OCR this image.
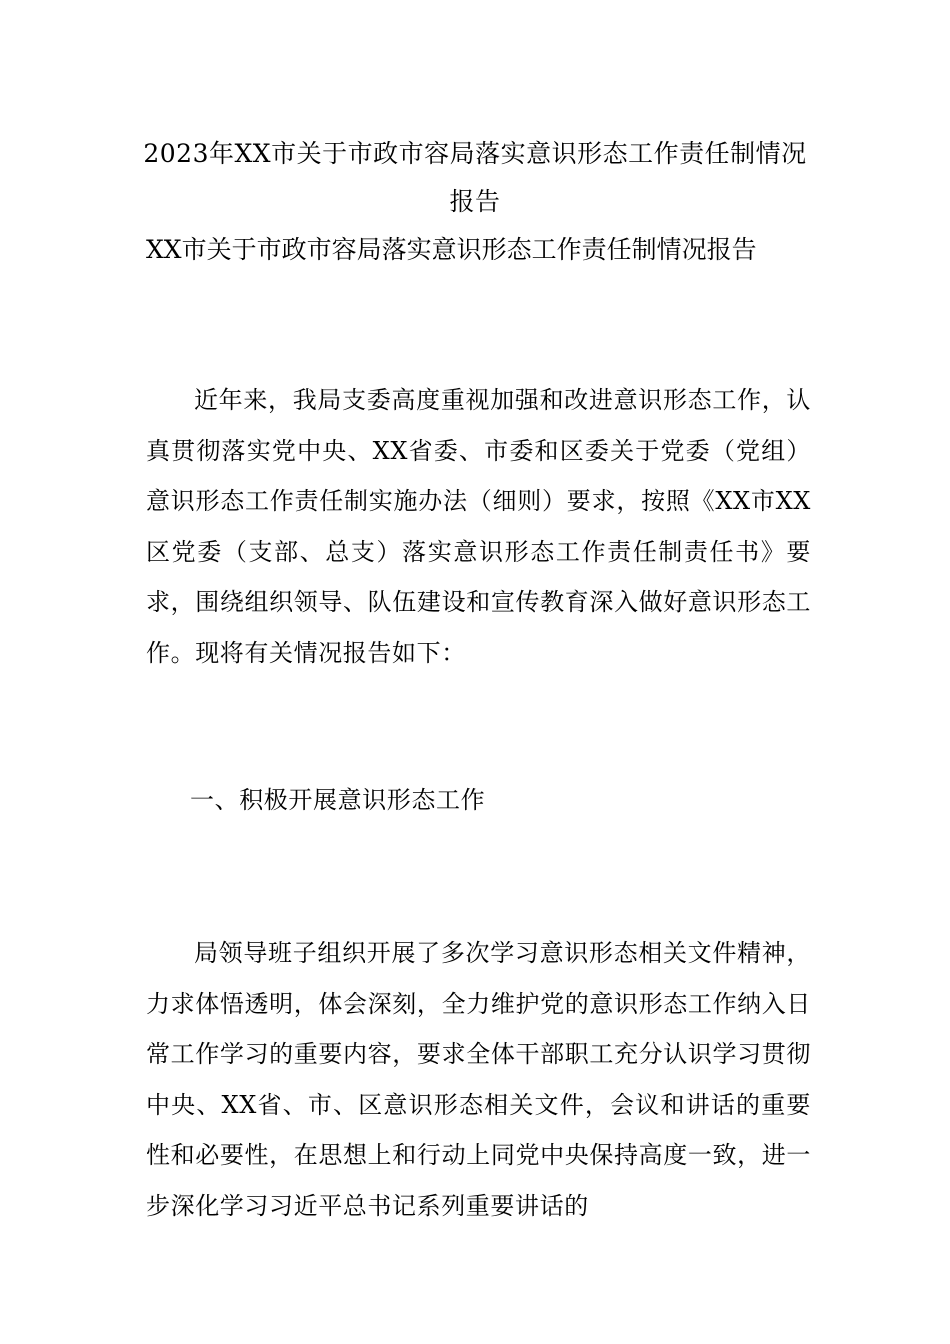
2023年XX市关于市政市容局落实意识形态工作责任制情况报告
XX市关于市政市容局落实意识形态工作责任制情况报告

近年来，我局支委高度重视加强和改进意识形态工作，认真贯彻落实党中央、XX省委、市委和区委关于党委（党组）意识形态工作责任制实施办法（细则）要求，按照《XX市XX区党委（支部、总支）落实意识形态工作责任制责任书》要求，围绕组织领导、队伍建设和宣传教育深入做好意识形态工作。现将有关情况报告如下：

一、积极开展意识形态工作

局领导班子组织开展了多次学习意识形态相关文件精神，力求体悟透明，体会深刻，全力维护党的意识形态工作纳入日常工作学习的重要内容，要求全体干部职工充分认识学习贯彻中央、XX省、市、区意识形态相关文件，会议和讲话的重要性和必要性，在思想上和行动上同党中央保持高度一致，进一步深化学习习近平总书记系列重要讲话的
